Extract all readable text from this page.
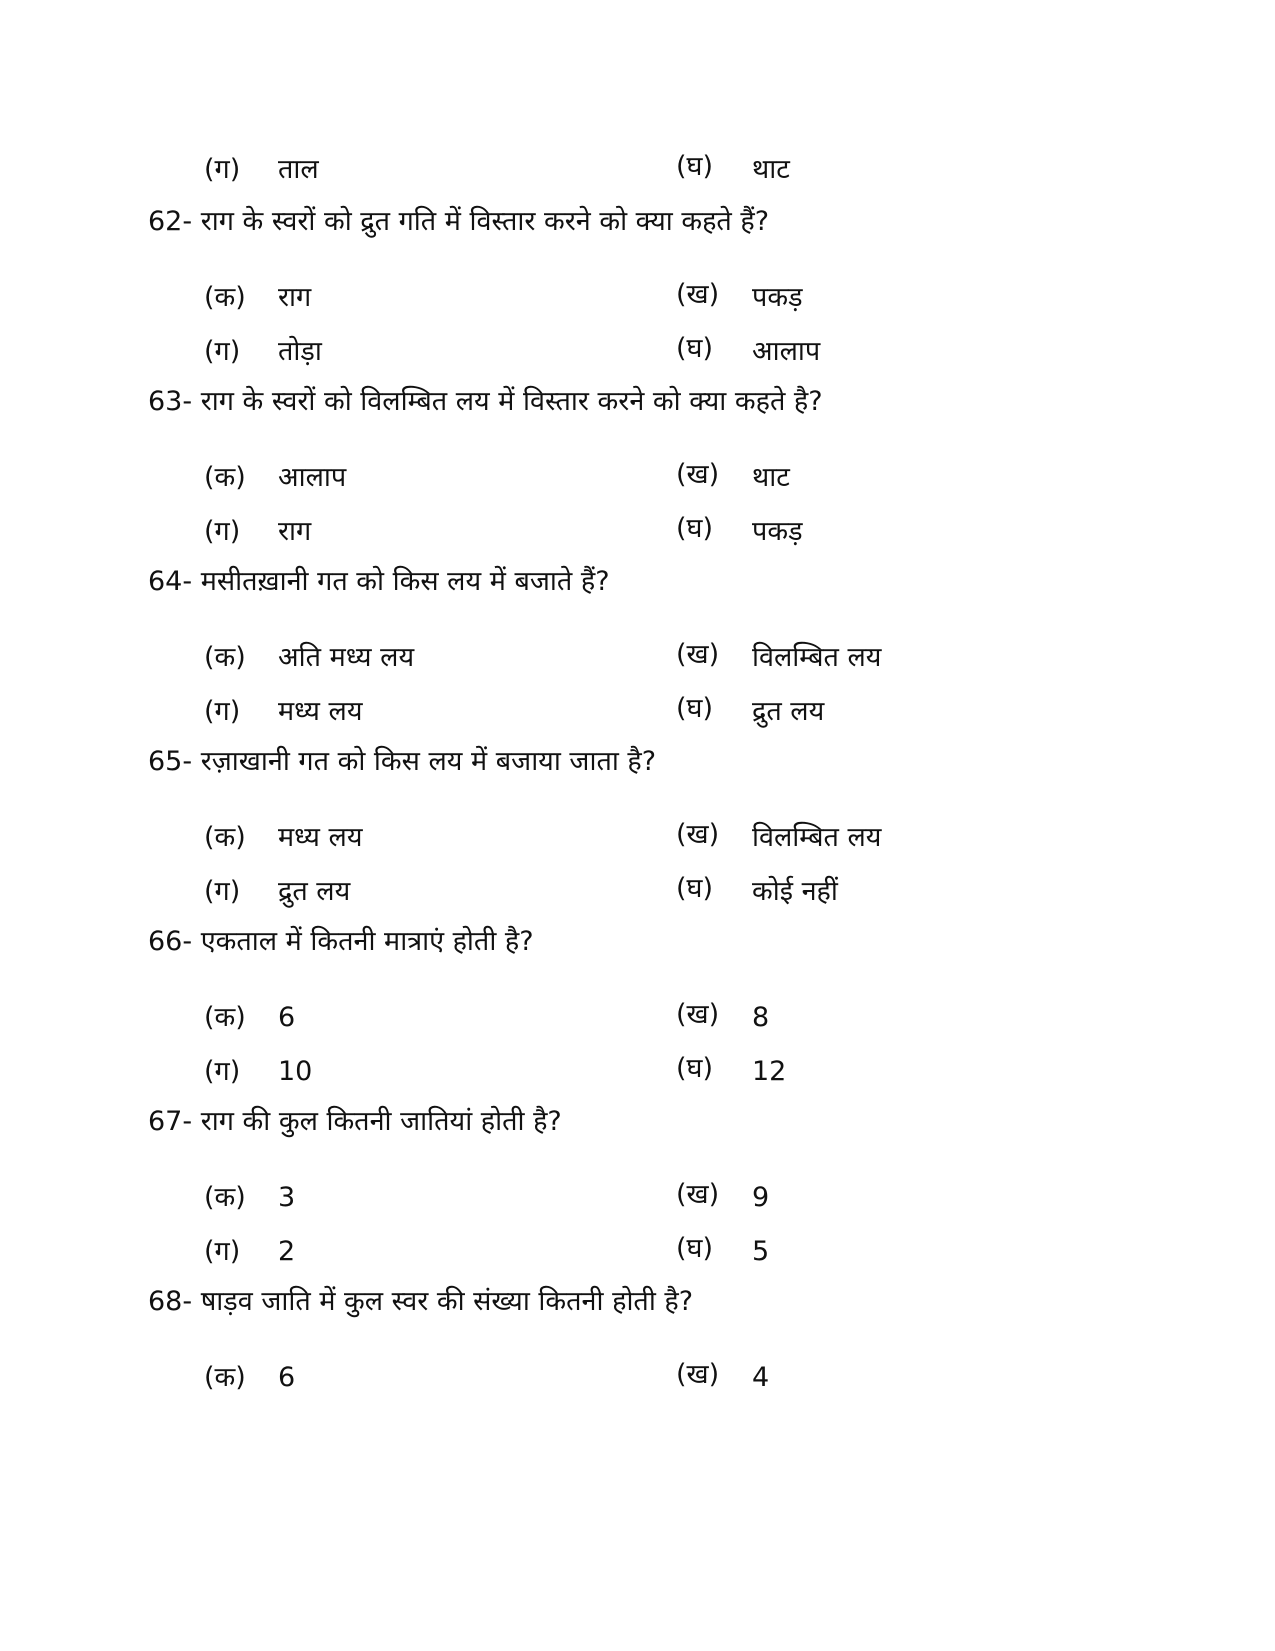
(ग) ताल	(घ) थाट
62- राग के स्वरों को द्रुत गति में विस्तार करने को क्या कहते हैं?
(क) राग	(ख) पकड़
(ग) तोड़ा	(घ) आलाप
63- राग के स्वरों को विलम्बित लय में विस्तार करने को क्या कहते है?
(क) आलाप	(ख) थाट
(ग) राग	(घ) पकड़
64- मसीतख़ानी गत को किस लय में बजाते हैं?
(क) अति मध्य लय	(ख) विलम्बित लय
(ग) मध्य लय	(घ) द्रुत लय
65- रज़ाखानी गत को किस लय में बजाया जाता है?
(क) मध्य लय	(ख) विलम्बित लय
(ग) द्रुत लय	(घ) कोई नहीं
66- एकताल में कितनी मात्राएं होती है?
(क) 6	(ख) 8
(ग) 10	(घ) 12
67- राग की कुल कितनी जातियां होती है?
(क) 3	(ख) 9
(ग) 2	(घ) 5
68- षाड़व जाति में कुल स्वर की संख्या कितनी होती है?
(क) 6	(ख) 4
